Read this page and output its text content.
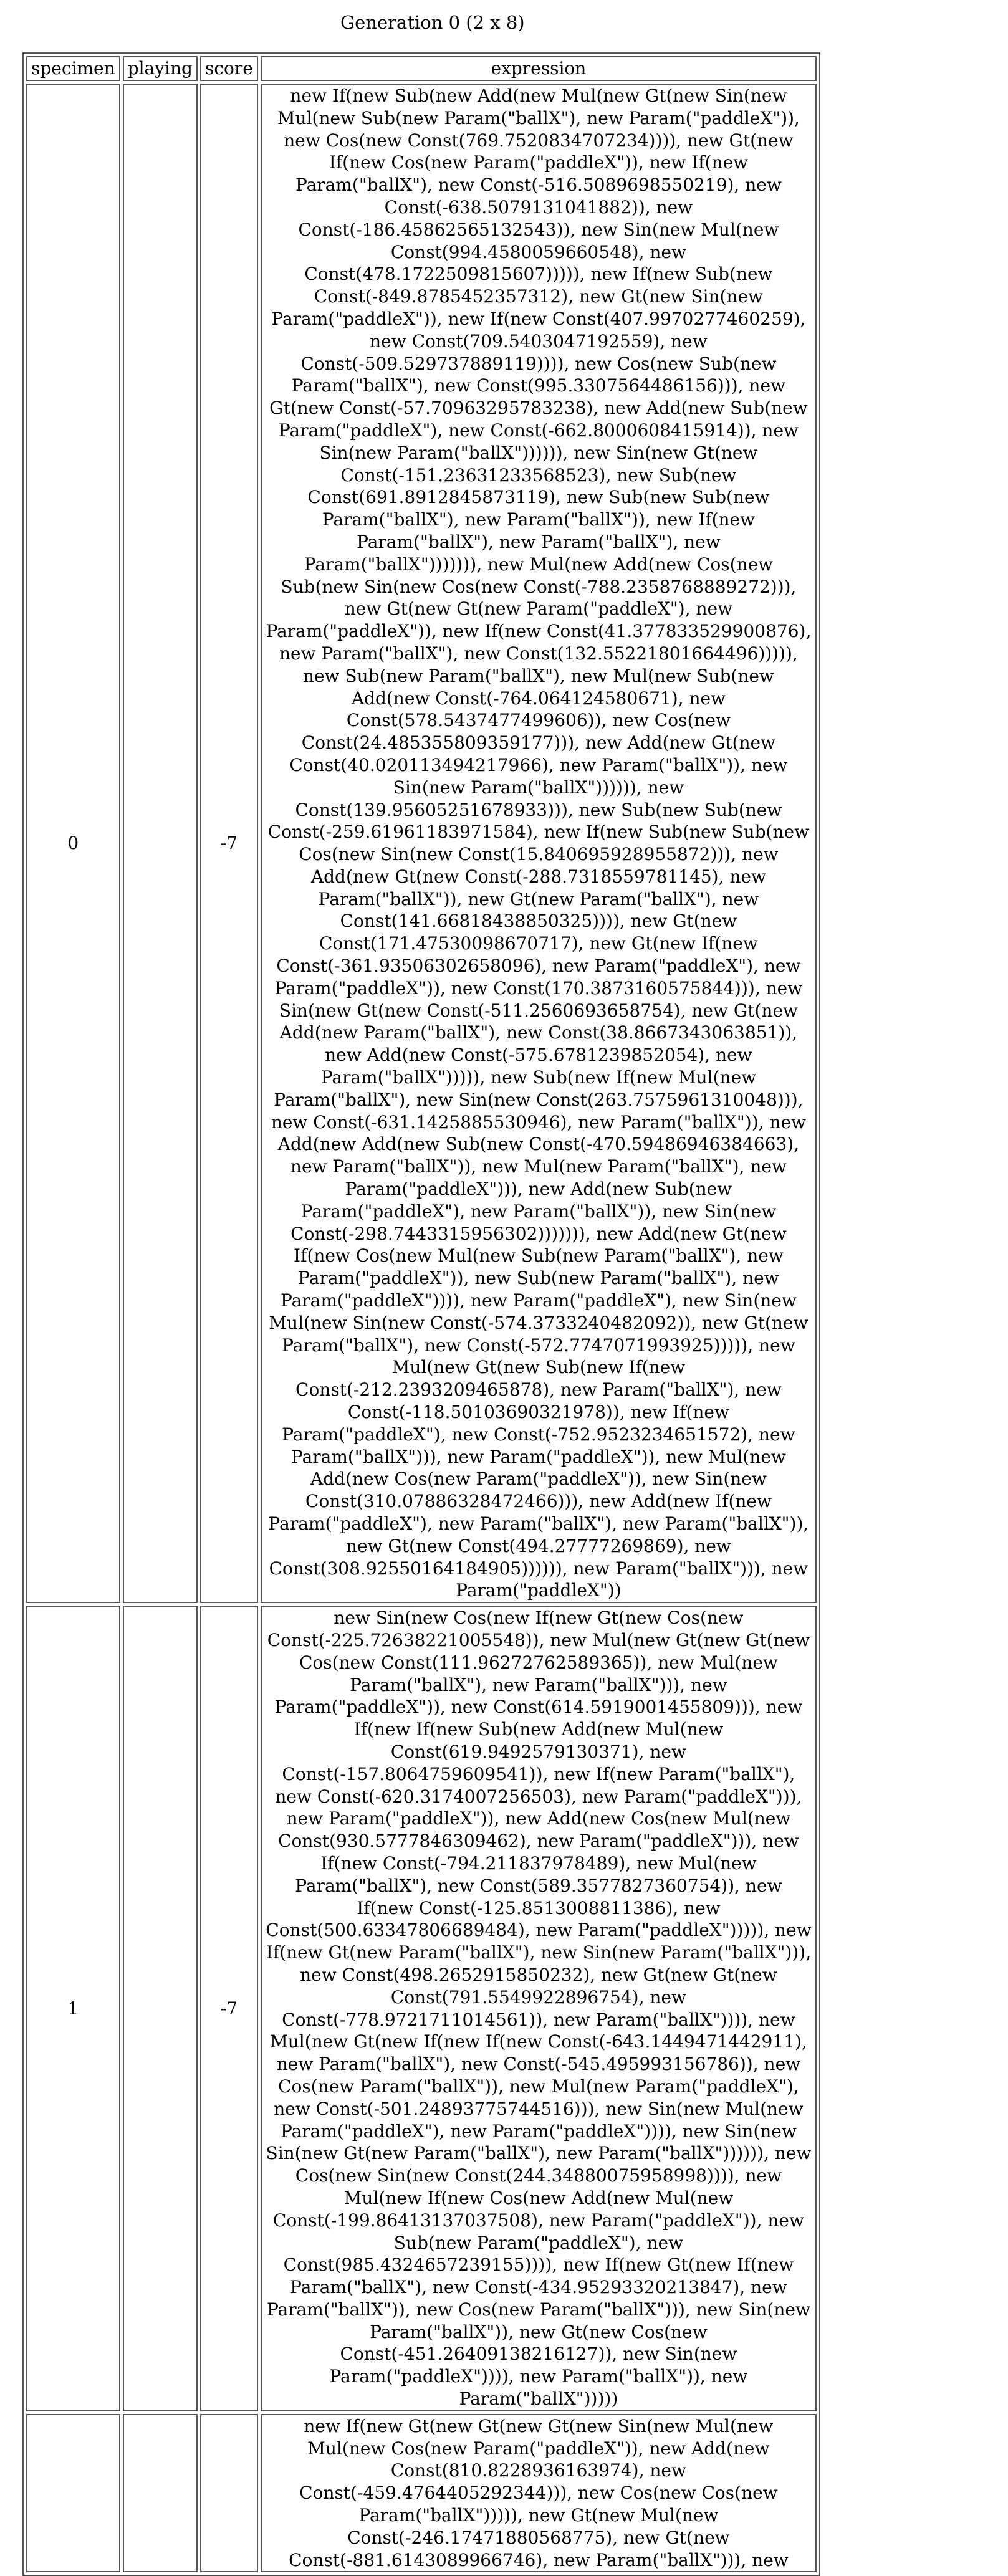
Generation 0 (2 x 8)
specimen	playing	score	expression
0		-7	new If(new Sub(new Add(new Mul(new Gt(new Sin(new Mul(new Sub(new Param("ballX"), new Param("paddleX")), new Cos(new Const(769.7520834707234)))), new Gt(new If(new Cos(new Param("paddleX")), new If(new Param("ballX"), new Const(-516.5089698550219), new Const(-638.5079131041882)), new Const(-186.45862565132543)), new Sin(new Mul(new Const(994.4580059660548), new Const(478.1722509815607))))), new If(new Sub(new Const(-849.8785452357312), new Gt(new Sin(new Param("paddleX")), new If(new Const(407.9970277460259), new Const(709.5403047192559), new Const(-509.529737889119)))), new Cos(new Sub(new Param("ballX"), new Const(995.3307564486156))), new Gt(new Const(-57.70963295783238), new Add(new Sub(new Param("paddleX"), new Const(-662.8000608415914)), new Sin(new Param("ballX")))))), new Sin(new Gt(new Const(-151.23631233568523), new Sub(new Const(691.8912845873119), new Sub(new Sub(new Param("ballX"), new Param("ballX")), new If(new Param("ballX"), new Param("ballX"), new Param("ballX"))))))), new Mul(new Add(new Cos(new Sub(new Sin(new Cos(new Const(-788.2358768889272))), new Gt(new Gt(new Param("paddleX"), new Param("paddleX")), new If(new Const(41.377833529900876), new Param("ballX"), new Const(132.55221801664496))))), new Sub(new Param("ballX"), new Mul(new Sub(new Add(new Const(-764.064124580671), new Const(578.5437477499606)), new Cos(new Const(24.485355809359177))), new Add(new Gt(new Const(40.020113494217966), new Param("ballX")), new Sin(new Param("ballX")))))), new Const(139.95605251678933))), new Sub(new Sub(new Const(-259.61961183971584), new If(new Sub(new Sub(new Cos(new Sin(new Const(15.840695928955872))), new Add(new Gt(new Const(-288.7318559781145), new Param("ballX")), new Gt(new Param("ballX"), new Const(141.66818438850325)))), new Gt(new Const(171.47530098670717), new Gt(new If(new Const(-361.93506302658096), new Param("paddleX"), new Param("paddleX")), new Const(170.3873160575844))), new Sin(new Gt(new Const(-511.2560693658754), new Gt(new Add(new Param("ballX"), new Const(38.8667343063851)), new Add(new Const(-575.6781239852054), new Param("ballX"))))), new Sub(new If(new Mul(new Param("ballX"), new Sin(new Const(263.7575961310048))), new Const(-631.1425885530946), new Param("ballX")), new Add(new Add(new Sub(new Const(-470.59486946384663), new Param("ballX")), new Mul(new Param("ballX"), new Param("paddleX"))), new Add(new Sub(new Param("paddleX"), new Param("ballX")), new Sin(new Const(-298.7443315956302))))))), new Add(new Gt(new If(new Cos(new Mul(new Sub(new Param("ballX"), new Param("paddleX")), new Sub(new Param("ballX"), new Param("paddleX")))), new Param("paddleX"), new Sin(new Mul(new Sin(new Const(-574.3733240482092)), new Gt(new Param("ballX"), new Const(-572.7747071993925))))), new Mul(new Gt(new Sub(new If(new Const(-212.2393209465878), new Param("ballX"), new Const(-118.50103690321978)), new If(new Param("paddleX"), new Const(-752.9523234651572), new Param("ballX"))), new Param("paddleX")), new Mul(new Add(new Cos(new Param("paddleX")), new Sin(new Const(310.07886328472466))), new Add(new If(new Param("paddleX"), new Param("ballX"), new Param("ballX")), new Gt(new Const(494.27777269869), new Const(308.92550164184905)))))), new Param("ballX"))), new Param("paddleX"))
1		-7	new Sin(new Cos(new If(new Gt(new Cos(new Const(-225.72638221005548)), new Mul(new Gt(new Gt(new Cos(new Const(111.96272762589365)), new Mul(new Param("ballX"), new Param("ballX"))), new Param("paddleX")), new Const(614.5919001455809))), new If(new If(new Sub(new Add(new Mul(new Const(619.9492579130371), new Const(-157.8064759609541)), new If(new Param("ballX"), new Const(-620.3174007256503), new Param("paddleX"))), new Param("paddleX")), new Add(new Cos(new Mul(new Const(930.5777846309462), new Param("paddleX"))), new If(new Const(-794.211837978489), new Mul(new Param("ballX"), new Const(589.3577827360754)), new If(new Const(-125.8513008811386), new Const(500.63347806689484), new Param("paddleX"))))), new If(new Gt(new Param("ballX"), new Sin(new Param("ballX"))), new Const(498.2652915850232), new Gt(new Gt(new Const(791.5549922896754), new Const(-778.9721711014561)), new Param("ballX")))), new Mul(new Gt(new If(new If(new Const(-643.1449471442911), new Param("ballX"), new Const(-545.495993156786)), new Cos(new Param("ballX")), new Mul(new Param("paddleX"), new Const(-501.24893775744516))), new Sin(new Mul(new Param("paddleX"), new Param("paddleX")))), new Sin(new Sin(new Gt(new Param("ballX"), new Param("ballX")))))), new Cos(new Sin(new Const(244.34880075958998)))), new Mul(new If(new Cos(new Add(new Mul(new Const(-199.86413137037508), new Param("paddleX")), new Sub(new Param("paddleX"), new Const(985.4324657239155)))), new If(new Gt(new If(new Param("ballX"), new Const(-434.95293320213847), new Param("ballX")), new Cos(new Param("ballX"))), new Sin(new Param("ballX")), new Gt(new Cos(new Const(-451.26409138216127)), new Sin(new Param("paddleX")))), new Param("ballX")), new Param("ballX")))))
			new If(new Gt(new Gt(new Gt(new Sin(new Mul(new Mul(new Cos(new Param("paddleX")), new Add(new Const(810.8228936163974), new Const(-459.4764405292344))), new Cos(new Cos(new Param("ballX"))))), new Gt(new Mul(new Const(-246.17471880568775), new Gt(new Const(-881.6143089966746), new Param("ballX"))), new
